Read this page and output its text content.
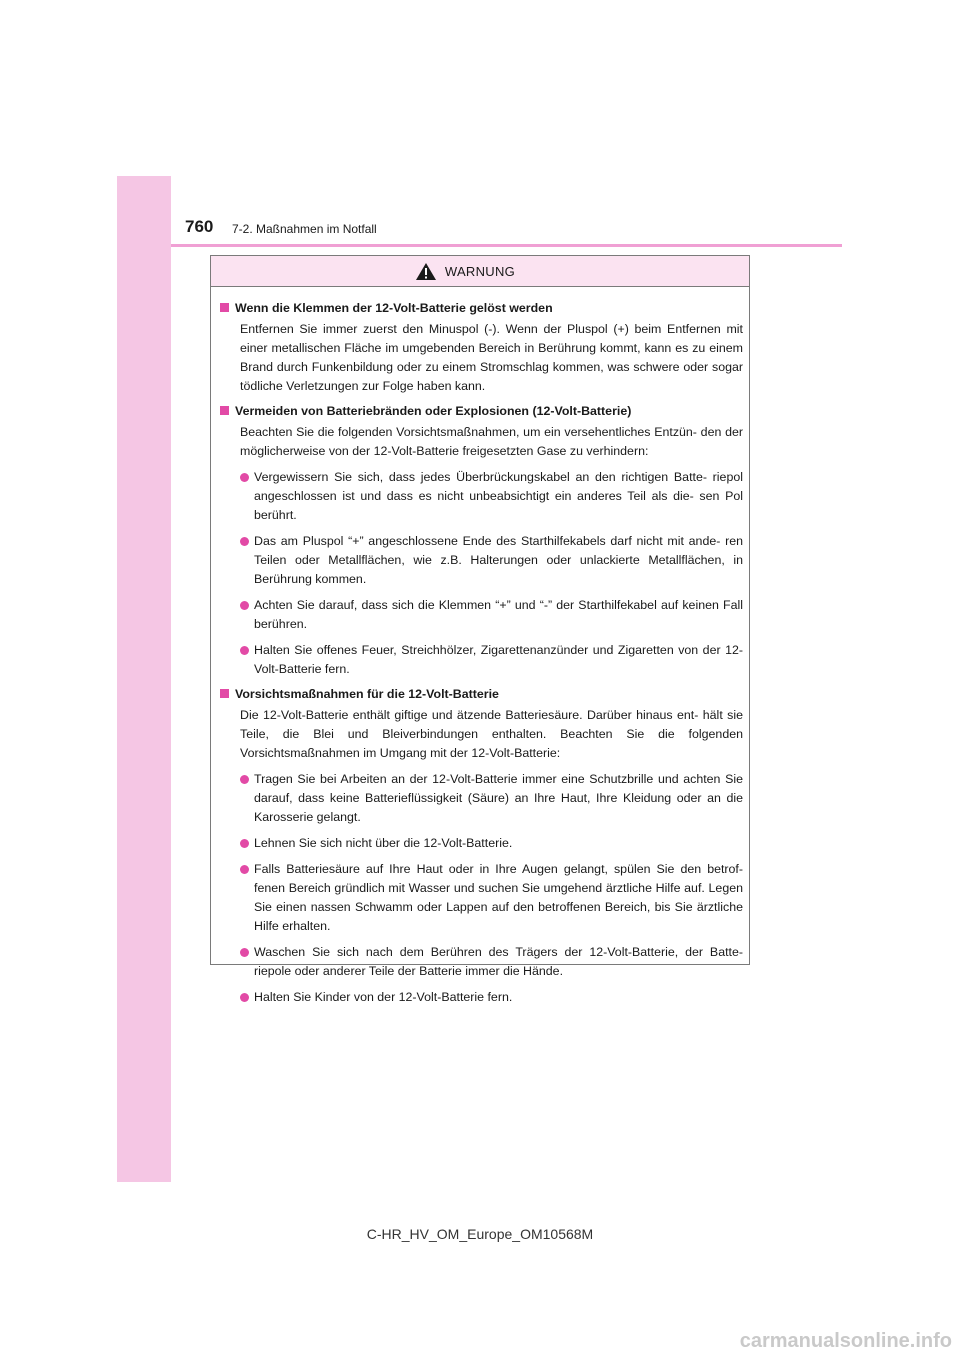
760 7-2. Maßnahmen im Notfall
WARNUNG
Wenn die Klemmen der 12-Volt-Batterie gelöst werden
Entfernen Sie immer zuerst den Minuspol (-). Wenn der Pluspol (+) beim Entfernen mit einer metallischen Fläche im umgebenden Bereich in Berührung kommt, kann es zu einem Brand durch Funkenbildung oder zu einem Stromschlag kommen, was schwere oder sogar tödliche Verletzungen zur Folge haben kann.
Vermeiden von Batteriebränden oder Explosionen (12-Volt-Batterie)
Beachten Sie die folgenden Vorsichtsmaßnahmen, um ein versehentliches Entzün- den der möglicherweise von der 12-Volt-Batterie freigesetzten Gase zu verhindern:
Vergewissern Sie sich, dass jedes Überbrückungskabel an den richtigen Batte- riepol angeschlossen ist und dass es nicht unbeabsichtigt ein anderes Teil als die- sen Pol berührt.
Das am Pluspol “+” angeschlossene Ende des Starthilfekabels darf nicht mit ande- ren Teilen oder Metallflächen, wie z.B. Halterungen oder unlackierte Metallflächen, in Berührung kommen.
Achten Sie darauf, dass sich die Klemmen “+” und “-” der Starthilfekabel auf keinen Fall berühren.
Halten Sie offenes Feuer, Streichhölzer, Zigarettenanzünder und Zigaretten von der 12-Volt-Batterie fern.
Vorsichtsmaßnahmen für die 12-Volt-Batterie
Die 12-Volt-Batterie enthält giftige und ätzende Batteriesäure. Darüber hinaus ent- hält sie Teile, die Blei und Bleiverbindungen enthalten. Beachten Sie die folgenden Vorsichtsmaßnahmen im Umgang mit der 12-Volt-Batterie:
Tragen Sie bei Arbeiten an der 12-Volt-Batterie immer eine Schutzbrille und achten Sie darauf, dass keine Batterieflüssigkeit (Säure) an Ihre Haut, Ihre Kleidung oder an die Karosserie gelangt.
Lehnen Sie sich nicht über die 12-Volt-Batterie.
Falls Batteriesäure auf Ihre Haut oder in Ihre Augen gelangt, spülen Sie den betrof- fenen Bereich gründlich mit Wasser und suchen Sie umgehend ärztliche Hilfe auf. Legen Sie einen nassen Schwamm oder Lappen auf den betroffenen Bereich, bis Sie ärztliche Hilfe erhalten.
Waschen Sie sich nach dem Berühren des Trägers der 12-Volt-Batterie, der Batte- riepole oder anderer Teile der Batterie immer die Hände.
Halten Sie Kinder von der 12-Volt-Batterie fern.
C-HR_HV_OM_Europe_OM10568M
carmanualsonline.info
